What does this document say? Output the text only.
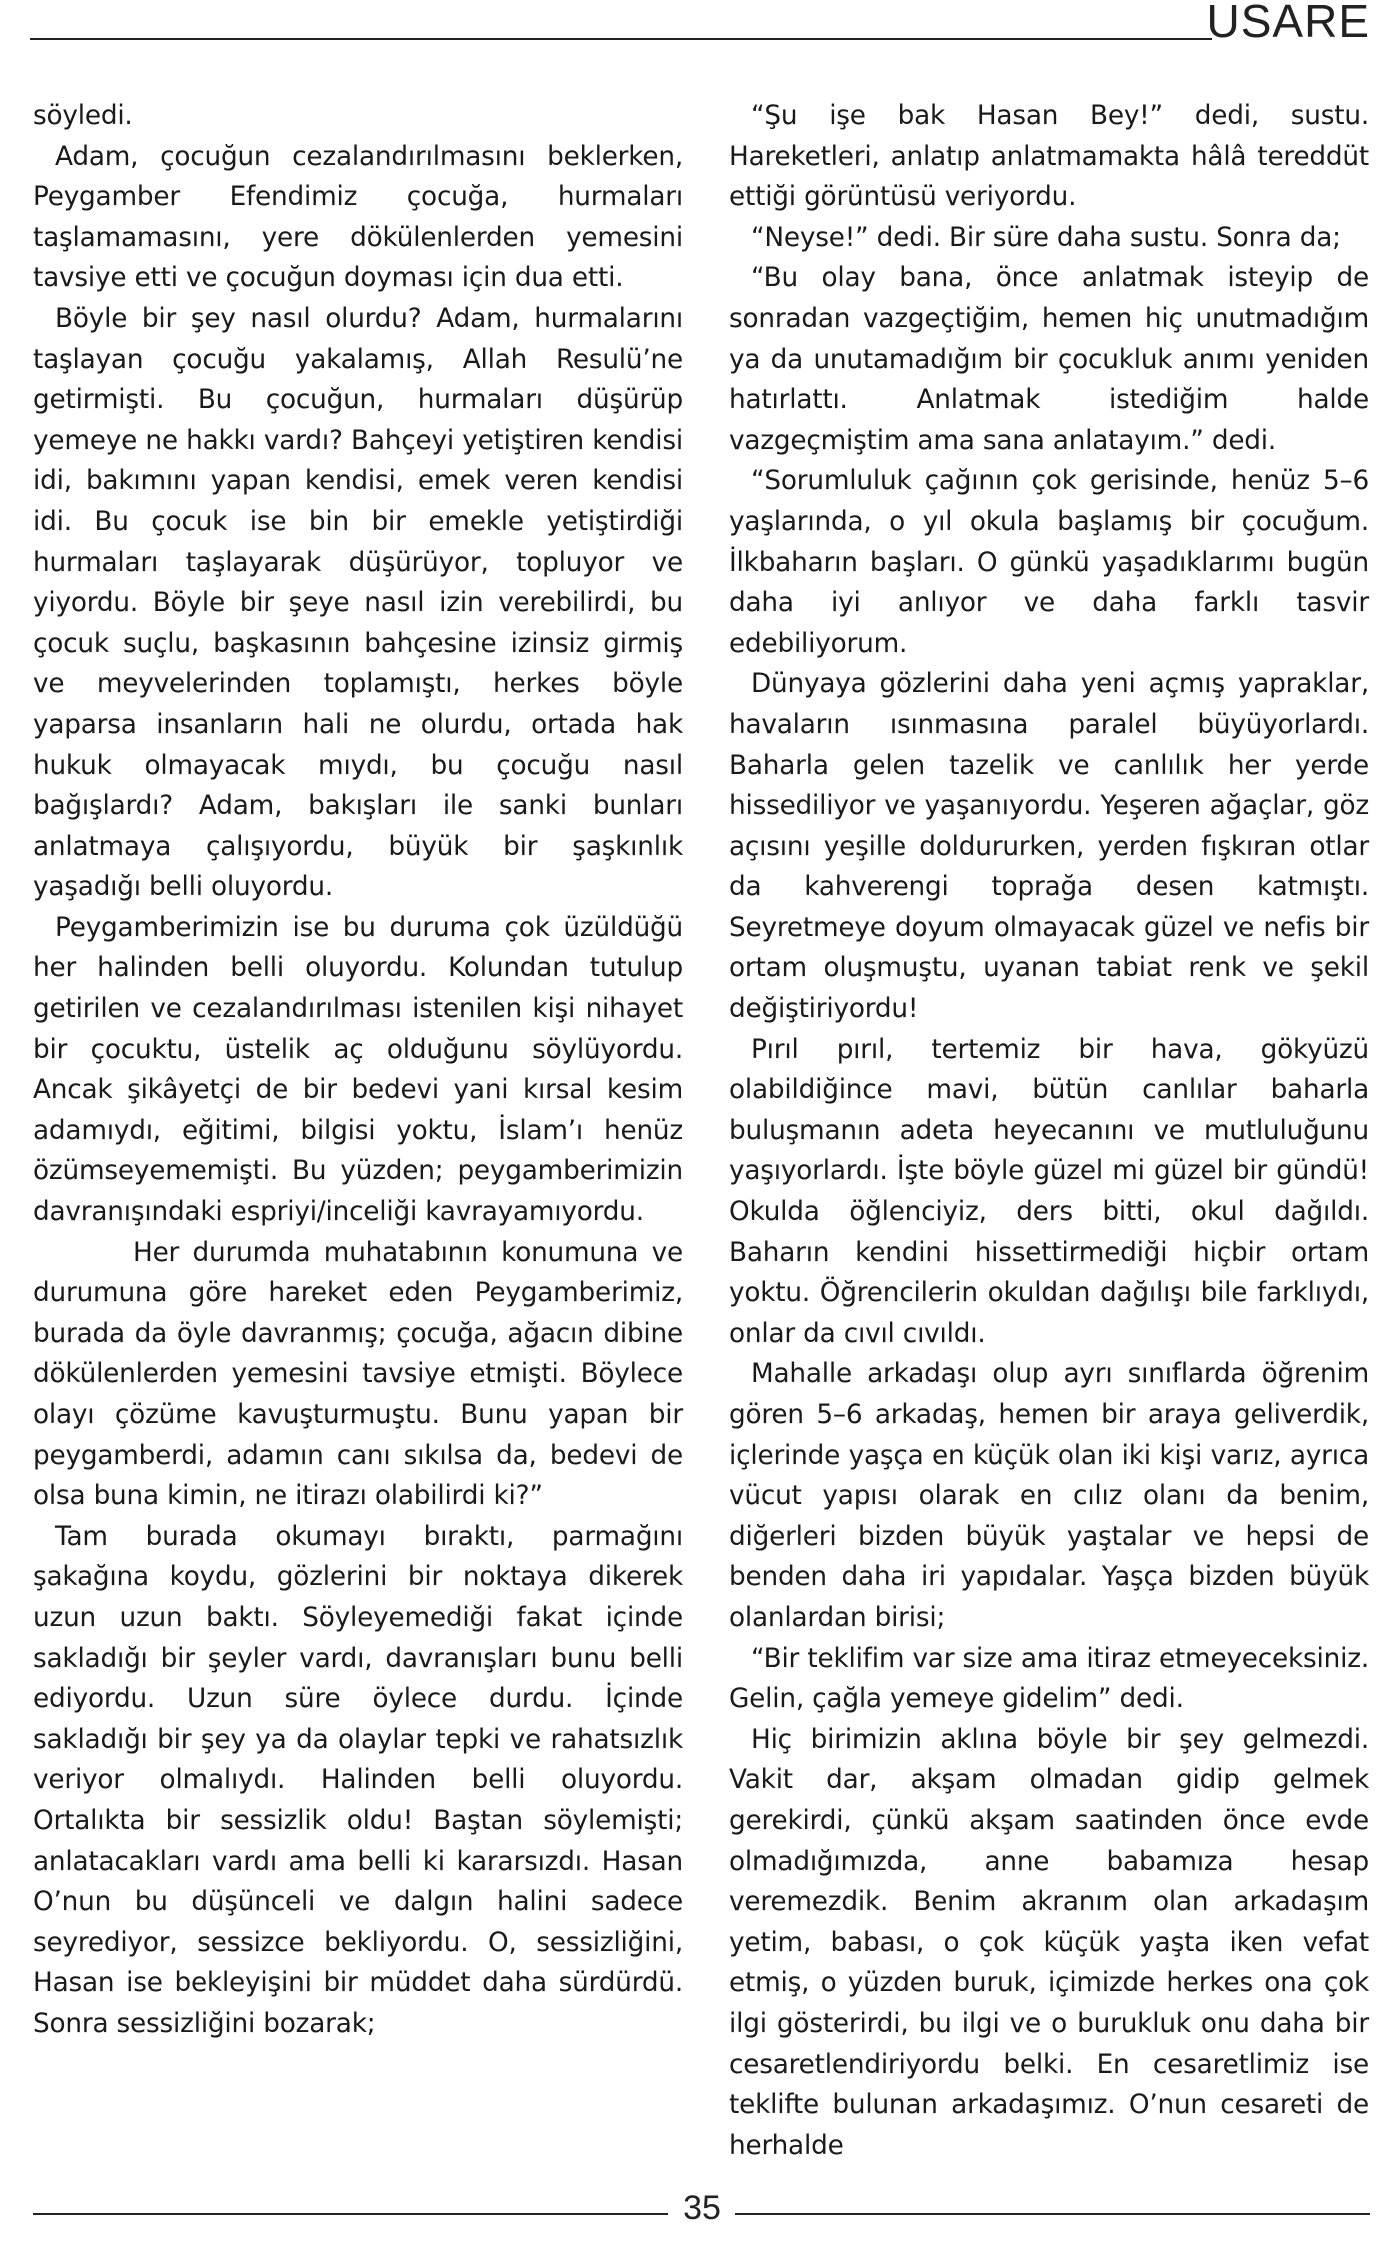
USARE

söyledi.

Adam, çocuğun cezalandırılmasını beklerken, Peygamber Efendimiz çocuğa, hurmaları taşlamamasını, yere dökülenlerden yemesini tavsiye etti ve çocuğun doyması için dua etti.

Böyle bir şey nasıl olurdu? Adam, hurmalarını taşlayan çocuğu yakalamış, Allah Resulü’ne getirmişti. Bu çocuğun, hurmaları düşürüp yemeye ne hakkı vardı? Bahçeyi yetiştiren kendisi idi, bakımını yapan kendisi, emek veren kendisi idi. Bu çocuk ise bin bir emekle yetiştirdiği hurmaları taşlayarak düşürüyor, topluyor ve yiyordu. Böyle bir şeye nasıl izin verebilirdi, bu çocuk suçlu, başkasının bahçesine izinsiz girmiş ve meyvelerinden toplamıştı, herkes böyle yaparsa insanların hali ne olurdu, ortada hak hukuk olmayacak mıydı, bu çocuğu nasıl bağışlardı? Adam, bakışları ile sanki bunları anlatmaya çalışıyordu, büyük bir şaşkınlık yaşadığı belli oluyordu.

Peygamberimizin ise bu duruma çok üzüldüğü her halinden belli oluyordu. Kolundan tutulup getirilen ve cezalandırılması istenilen kişi nihayet bir çocuktu, üstelik aç olduğunu söylüyordu. Ancak şikâyetçi de bir bedevi yani kırsal kesim adamıydı, eğitimi, bilgisi yoktu, İslam’ı henüz özümseyememişti. Bu yüzden; peygamberimizin davranışındaki espriyi/inceliği kavrayamıyordu.

Her durumda muhatabının konumuna ve durumuna göre hareket eden Peygamberimiz, burada da öyle davranmış; çocuğa, ağacın dibine dökülenlerden yemesini tavsiye etmişti. Böylece olayı çözüme kavuşturmuştu. Bunu yapan bir peygamberdi, adamın canı sıkılsa da, bedevi de olsa buna kimin, ne itirazı olabilirdi ki?”

Tam burada okumayı bıraktı, parmağını şakağına koydu, gözlerini bir noktaya dikerek uzun uzun baktı. Söyleyemediği fakat içinde sakladığı bir şeyler vardı, davranışları bunu belli ediyordu. Uzun süre öylece durdu. İçinde sakladığı bir şey ya da olaylar tepki ve rahatsızlık veriyor olmalıydı. Halinden belli oluyordu. Ortalıkta bir sessizlik oldu! Baştan söylemişti; anlatacakları vardı ama belli ki kararsızdı. Hasan O’nun bu düşünceli ve dalgın halini sadece seyrediyor, sessizce bekliyordu. O, sessizliğini, Hasan ise bekleyişini bir müddet daha sürdürdü. Sonra sessizliğini bozarak;

“Şu işe bak Hasan Bey!” dedi, sustu. Hareketleri, anlatıp anlatmamakta hâlâ tereddüt ettiği görüntüsü veriyordu.

“Neyse!” dedi. Bir süre daha sustu. Sonra da;

“Bu olay bana, önce anlatmak isteyip de sonradan vazgeçtiğim, hemen hiç unutmadığım ya da unutamadığım bir çocukluk anımı yeniden hatırlattı. Anlatmak istediğim halde vazgeçmiştim ama sana anlatayım.” dedi.

“Sorumluluk çağının çok gerisinde, henüz 5–6 yaşlarında, o yıl okula başlamış bir çocuğum. İlkbaharın başları. O günkü yaşadıklarımı bugün daha iyi anlıyor ve daha farklı tasvir edebiliyorum.

Dünyaya gözlerini daha yeni açmış yapraklar, havaların ısınmasına paralel büyüyorlardı. Baharla gelen tazelik ve canlılık her yerde hissediliyor ve yaşanıyordu. Yeşeren ağaçlar, göz açısını yeşille doldururken, yerden fışkıran otlar da kahverengi toprağa desen katmıştı. Seyretmeye doyum olmayacak güzel ve nefis bir ortam oluşmuştu, uyanan tabiat renk ve şekil değiştiriyordu!

Pırıl pırıl, tertemiz bir hava, gökyüzü olabildiğince mavi, bütün canlılar baharla buluşmanın adeta heyecanını ve mutluluğunu yaşıyorlardı. İşte böyle güzel mi güzel bir gündü! Okulda öğlenciyiz, ders bitti, okul dağıldı. Baharın kendini hissettirmediği hiçbir ortam yoktu. Öğrencilerin okuldan dağılışı bile farklıydı, onlar da cıvıl cıvıldı.

Mahalle arkadaşı olup ayrı sınıflarda öğrenim gören 5–6 arkadaş, hemen bir araya geliverdik, içlerinde yaşça en küçük olan iki kişi varız, ayrıca vücut yapısı olarak en cılız olanı da benim, diğerleri bizden büyük yaştalar ve hepsi de benden daha iri yapıdalar. Yaşça bizden büyük olanlardan birisi;

“Bir teklifim var size ama itiraz etmeyeceksiniz. Gelin, çağla yemeye gidelim” dedi.

Hiç birimizin aklına böyle bir şey gelmezdi. Vakit dar, akşam olmadan gidip gelmek gerekirdi, çünkü akşam saatinden önce evde olmadığımızda, anne babamıza hesap veremezdik. Benim akranım olan arkadaşım yetim, babası, o çok küçük yaşta iken vefat etmiş, o yüzden buruk, içimizde herkes ona çok ilgi gösterirdi, bu ilgi ve o burukluk onu daha bir cesaretlendiriyordu belki. En cesaretlimiz ise teklifte bulunan arkadaşımız. O’nun cesareti de herhalde

35
